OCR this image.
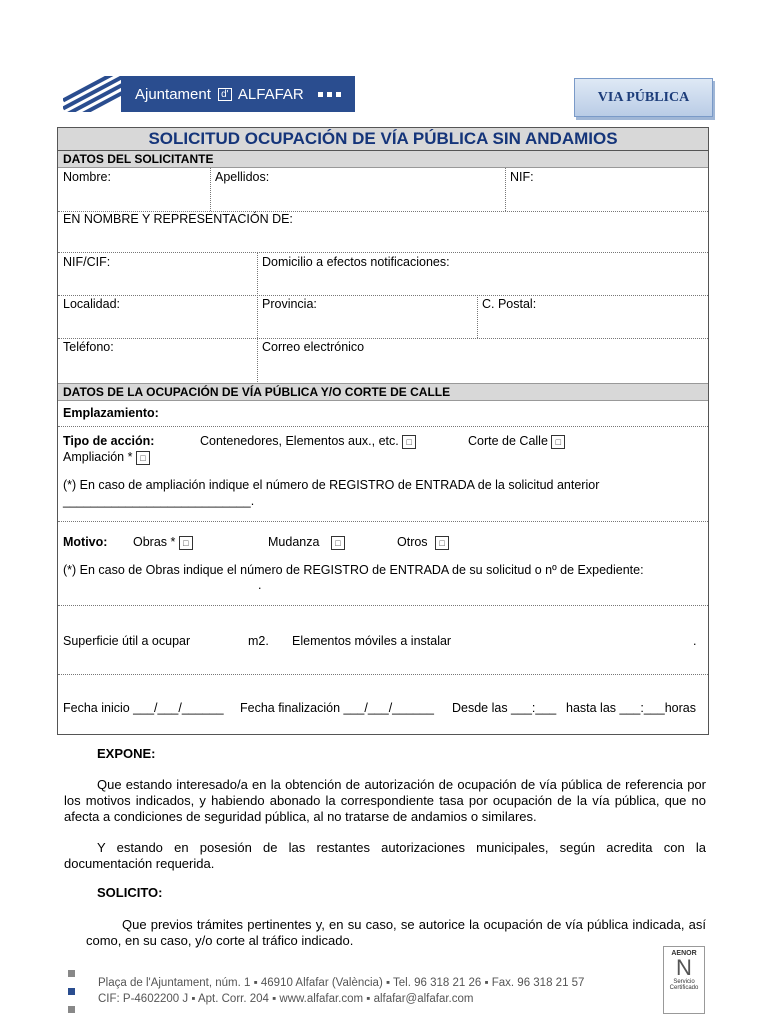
Ajuntament d' ALFAFAR	VIA PÚBLICA
SOLICITUD OCUPACIÓN DE VÍA PÚBLICA SIN ANDAMIOS
DATOS DEL SOLICITANTE
Nombre:	Apellidos:	NIF:
EN NOMBRE Y REPRESENTACIÓN DE:
NIF/CIF:	Domicilio a efectos notificaciones:
Localidad:	Provincia:	C. Postal:
Teléfono:	Correo electrónico
DATOS DE LA OCUPACIÓN DE VÍA PÚBLICA Y/O CORTE DE CALLE
Emplazamiento:
Tipo de acción:	Contenedores, Elementos aux., etc. □	Corte de Calle □
Ampliación * □
(*) En caso de ampliación indique el número de REGISTRO de ENTRADA de la solicitud anterior
___________________________.
Motivo: Obras * □	Mudanza □	Otros □
(*) En caso de Obras indique el número de REGISTRO de ENTRADA de su solicitud o nº de Expediente:
.
Superficie útil a ocupar	m2. Elementos móviles a instalar	.
Fecha inicio ___/___/______ Fecha finalización ___/___/______ Desde las ___:___ hasta las ___:___horas
EXPONE:
Que estando interesado/a en la obtención de autorización de ocupación de vía pública de referencia por los motivos indicados, y habiendo abonado la correspondiente tasa por ocupación de la vía pública, que no afecta a condiciones de seguridad pública, al no tratarse de andamios o similares.
Y estando en posesión de las restantes autorizaciones municipales, según acredita con la documentación requerida.
SOLICITO:
Que previos trámites pertinentes y, en su caso, se autorice la ocupación de vía pública indicada, así como, en su caso, y/o corte al tráfico indicado.
Plaça de l'Ajuntament, núm. 1 ▪ 46910 Alfafar (València) ▪ Tel. 96 318 21 26 ▪ Fax. 96 318 21 57
CIF: P-4602200 J ▪ Apt. Corr. 204 ▪ www.alfafar.com ▪ alfafar@alfafar.com
AENOR
N
Servicio Certificado
